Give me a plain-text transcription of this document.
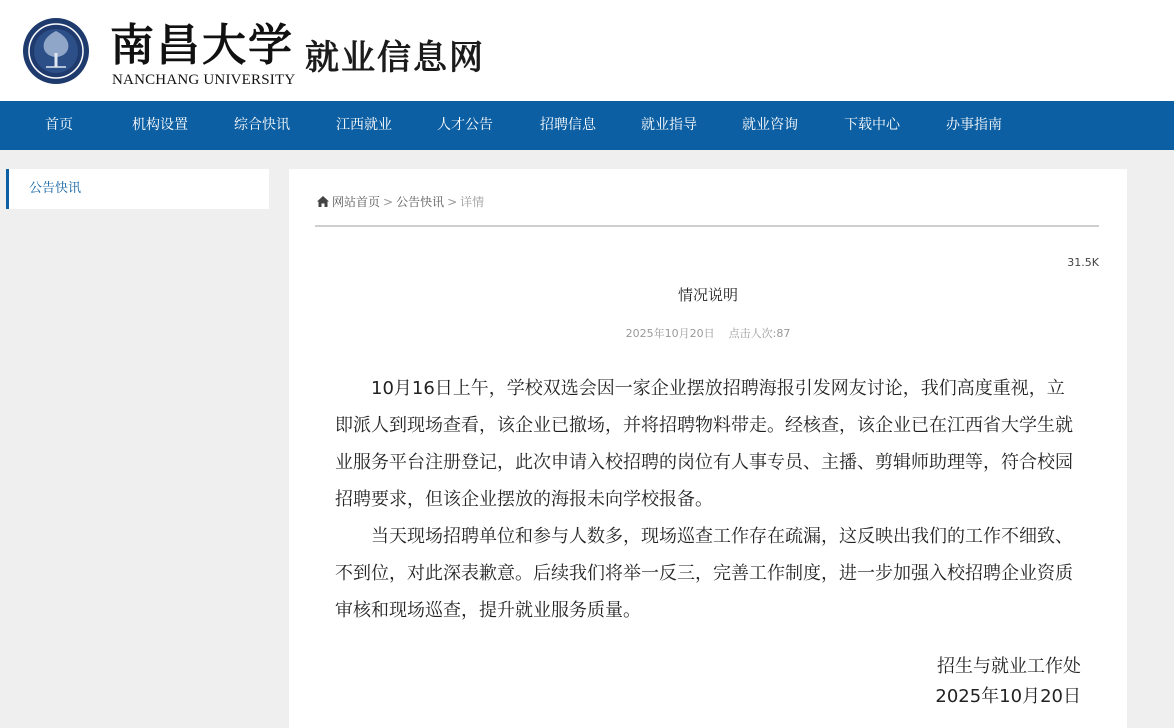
南昌大学
NANCHANG UNIVERSITY
就业信息网
首页	机构设置	综合快讯	江西就业	人才公告	招聘信息	就业指导	就业咨询	下载中心	办事指南
公告快讯
网站首页 > 公告快讯 > 详情
31.5K
情况说明
2025年10月20日 点击人次:87

10月16日上午，学校双选会因一家企业摆放招聘海报引发网友讨论，我们高度重视，立即派人到现场查看，该企业已撤场，并将招聘物料带走。经核查，该企业已在江西省大学生就业服务平台注册登记，此次申请入校招聘的岗位有人事专员、主播、剪辑师助理等，符合校园招聘要求，但该企业摆放的海报未向学校报备。

当天现场招聘单位和参与人数多，现场巡查工作存在疏漏，这反映出我们的工作不细致、不到位，对此深表歉意。后续我们将举一反三，完善工作制度，进一步加强入校招聘企业资质审核和现场巡查，提升就业服务质量。

招生与就业工作处
2025年10月20日
